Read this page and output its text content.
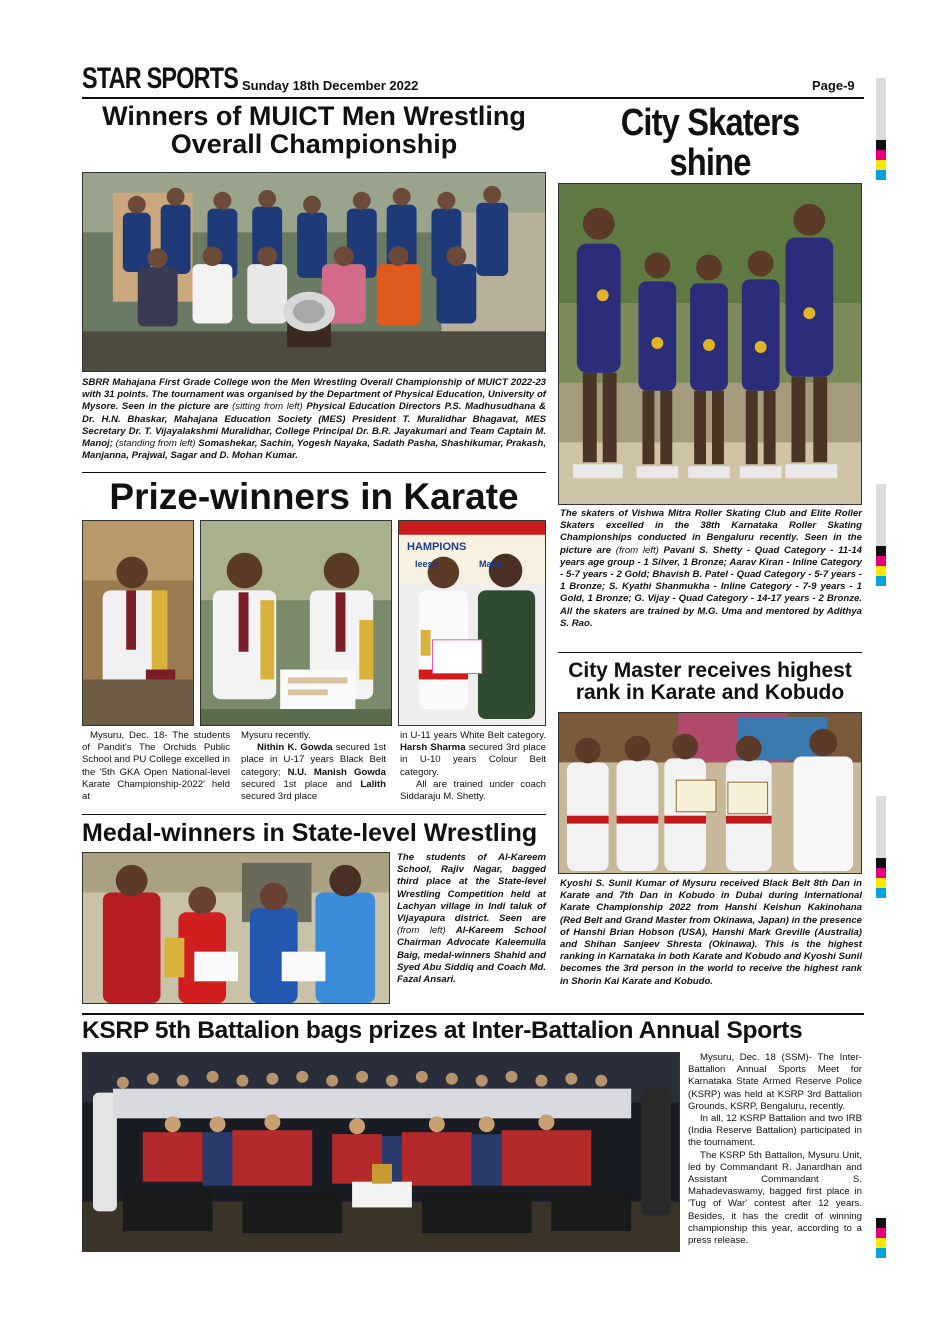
STAR SPORTS Sunday 18th December 2022	Page-9
Winners of MUICT Men Wrestling
Overall Championship
SBRR Mahajana First Grade College won the Men Wrestling Overall Championship of MUICT 2022-23 with 31 points. The tournament was organised by the Department of Physical Education, University of Mysore. Seen in the picture are (sitting from left) Physical Education Directors P.S. Madhusudhana & Dr. H.N. Bhaskar, Mahajana Education Society (MES) President T. Muralidhar Bhagavat, MES Secretary Dr. T. Vijayalakshmi Muralidhar, College Principal Dr. B.R. Jayakumari and Team Captain M. Manoj; (standing from left) Somashekar, Sachin, Yogesh Nayaka, Sadath Pasha, Shashikumar, Prakash, Manjanna, Prajwal, Sagar and D. Mohan Kumar.
City Skaters shine
The skaters of Vishwa Mitra Roller Skating Club and Elite Roller Skaters excelled in the 38th Karnataka Roller Skating Championships conducted in Bengaluru recently. Seen in the picture are (from left) Pavani S. Shetty - Quad Category - 11-14 years age group - 1 Silver, 1 Bronze; Aarav Kiran - Inline Category - 5-7 years - 2 Gold; Bhavish B. Patel - Quad Category - 5-7 years - 1 Bronze; S. Kyathi Shanmukha - Inline Category - 7-9 years - 1 Gold, 1 Bronze; G. Vijay - Quad Category - 14-17 years - 2 Bronze. All the skaters are trained by M.G. Uma and mentored by Adithya S. Rao.
Prize-winners in Karate
HAMPIONS
leesh	Mahe
Mysuru, Dec. 18- The students of Pandit's The Orchids Public School and PU College excelled in the '5th GKA Open National-level Karate Championship-2022' held at
Mysuru recently.
Nithin K. Gowda secured 1st place in U-17 years Black Belt category; N.U. Manish Gowda secured 1st place and Lalith secured 3rd place
in U-11 years White Belt category. Harsh Sharma secured 3rd place in U-10 years Colour Belt category.
All are trained under coach Siddaraju M. Shetty.
City Master receives highest
rank in Karate and Kobudo
Kyoshi S. Sunil Kumar of Mysuru received Black Belt 8th Dan in Karate and 7th Dan in Kobudo in Dubai during International Karate Championship 2022 from Hanshi Keishun Kakinohana (Red Belt and Grand Master from Okinawa, Japan) in the presence of Hanshi Brian Hobson (USA), Hanshi Mark Greville (Australia) and Shihan Sanjeev Shresta (Okinawa). This is the highest ranking in Karnataka in both Karate and Kobudo and Kyoshi Sunil becomes the 3rd person in the world to receive the highest rank in Shorin Kai Karate and Kobudo.
Medal-winners in State-level Wrestling
The students of Al-Kareem School, Rajiv Nagar, bagged third place at the State-level Wrestling Competition held at Lachyan village in Indi taluk of Vijayapura district. Seen are (from left) Al-Kareem School Chairman Advocate Kaleemulla Baig, medal-winners Shahid and Syed Abu Siddiq and Coach Md. Fazal Ansari.
KSRP 5th Battalion bags prizes at Inter-Battalion Annual Sports
Mysuru, Dec. 18 (SSM)- The Inter-Battalion Annual Sports Meet for Karnataka State Armed Reserve Police (KSRP) was held at KSRP 3rd Battalion Grounds, KSRP, Bengaluru, recently.
In all, 12 KSRP Battalion and two IRB (India Reserve Battalion) participated in the tournament.
The KSRP 5th Battalion, Mysuru Unit, led by Commandant R. Janardhan and Assistant Commandant S. Mahadevaswamy, bagged first place in 'Tug of War' contest after 12 years. Besides, it has the credit of winning championship this year, according to a press release.
